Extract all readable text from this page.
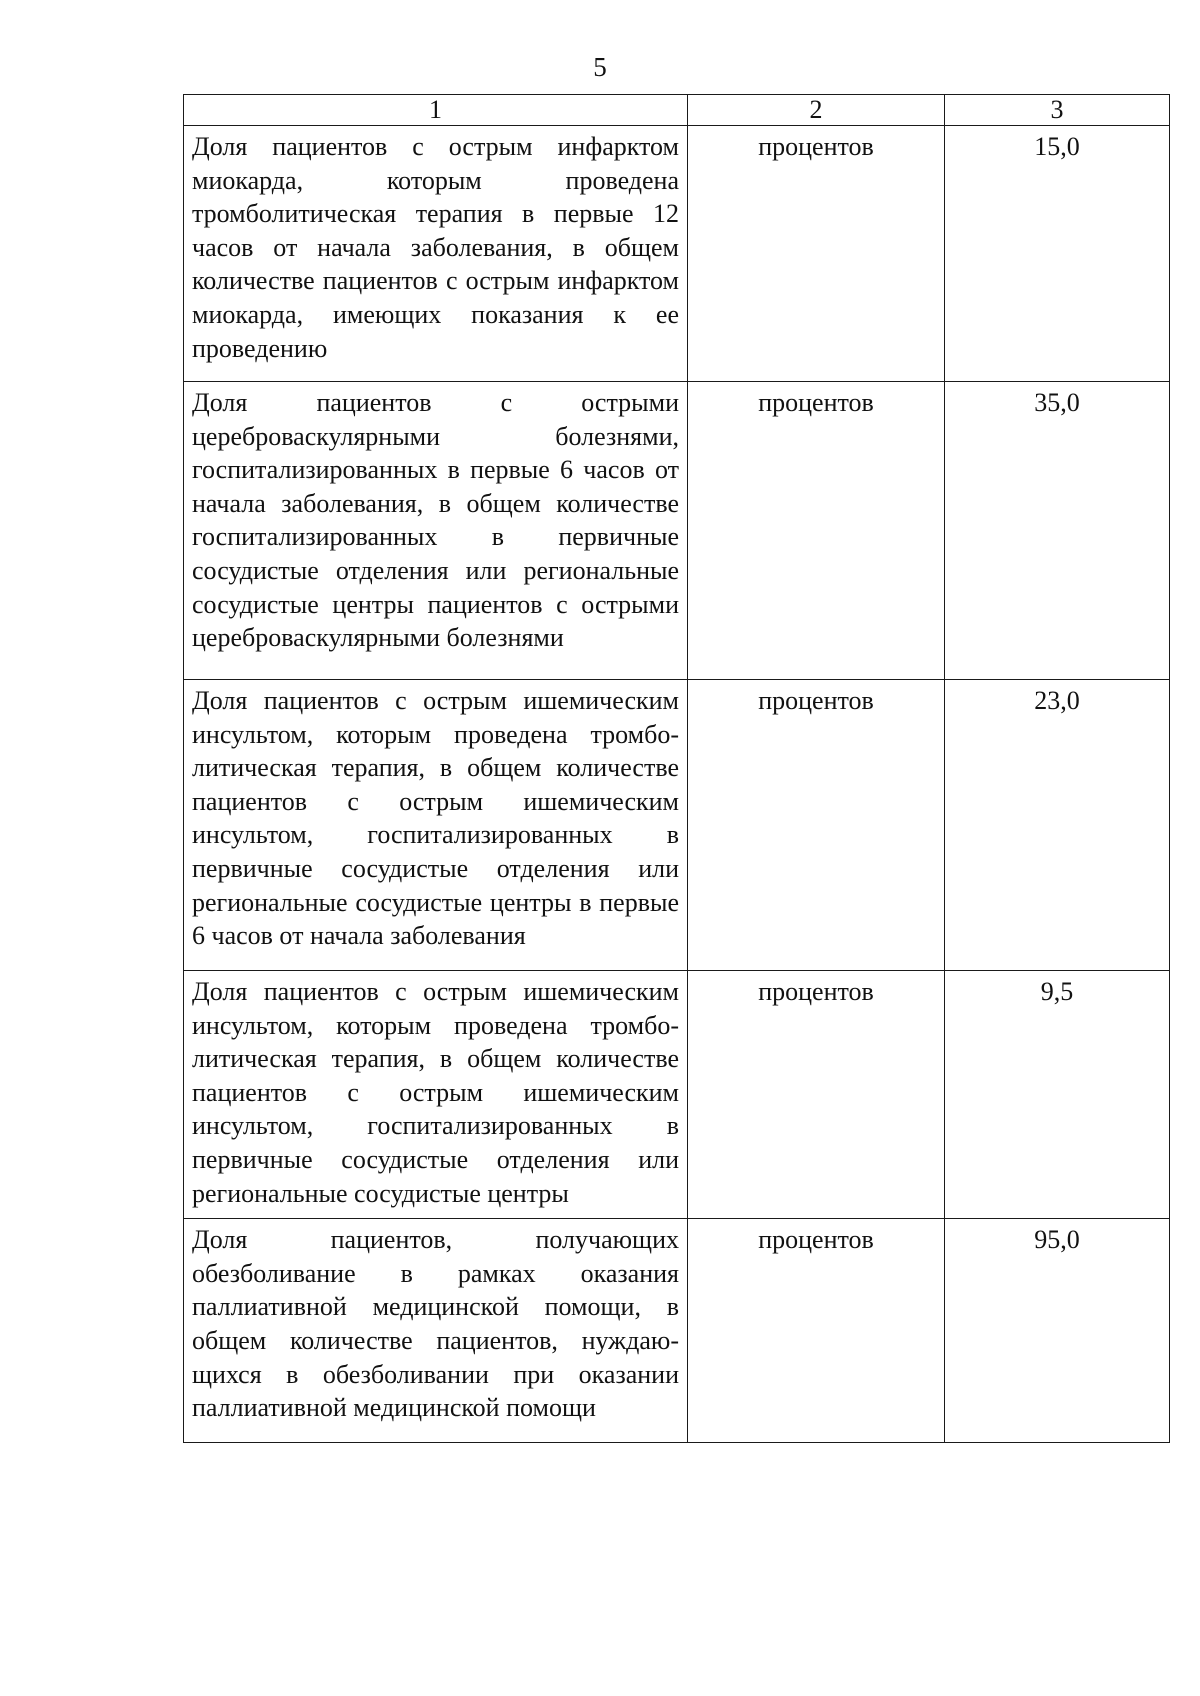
5
1	2	3
Доля пациентов с острым инфарктом миокарда, которым проведена тромболитическая терапия в первые 12 часов от начала заболевания, в общем количестве пациентов с острым инфарктом миокарда, имеющих показания к ее проведению	процентов	15,0
Доля пациентов с острыми цереброваскулярными болезнями, госпитализированных в первые 6 часов от начала заболевания, в общем количестве госпитализированных в первичные сосудистые отделения или региональные сосудистые центры пациентов с острыми цереброваскулярными болезнями	процентов	35,0
Доля пациентов с острым ишемическим инсультом, которым проведена тромболитическая терапия, в общем количестве пациентов с острым ишемическим инсультом, госпитализированных в первичные сосудистые отделения или региональные сосудистые центры в первые 6 часов от начала заболевания	процентов	23,0
Доля пациентов с острым ишемическим инсультом, которым проведена тромболитическая терапия, в общем количестве пациентов с острым ишемическим инсультом, госпитализированных в первичные сосудистые отделения или региональные сосудистые центры	процентов	9,5
Доля пациентов, получающих обезболивание в рамках оказания паллиативной медицинской помощи, в общем количестве пациентов, нуждающихся в обезболивании при оказании паллиативной медицинской помощи	процентов	95,0
